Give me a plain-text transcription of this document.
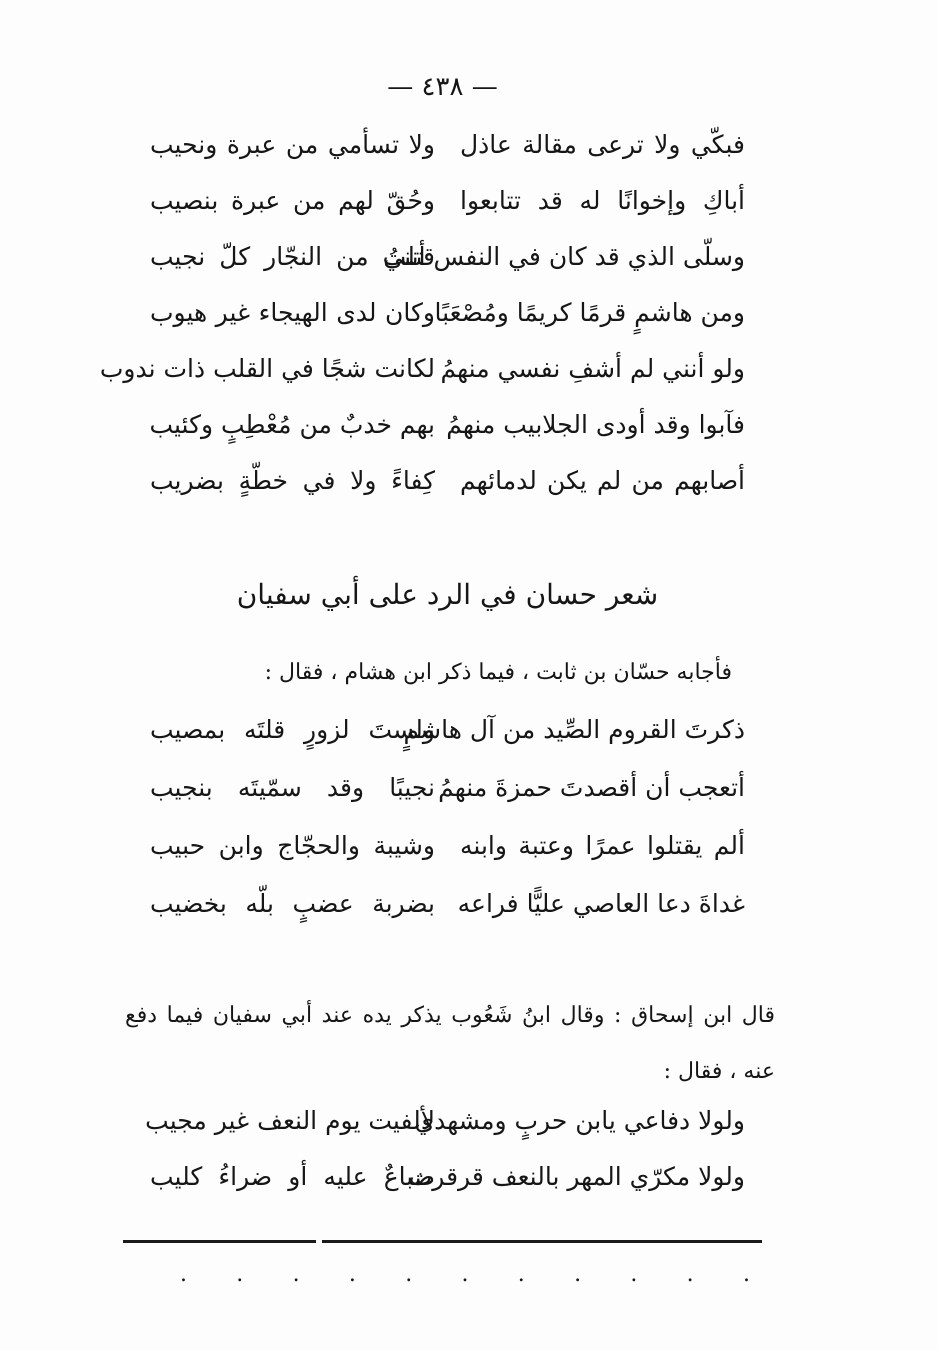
— ٤٣٨ —
فبكّي ولا ترعى مقالة عاذل
ولا تسأمي من عبرة ونحيب
أباكِ وإخوانًا له قد تتابعوا
وحُقّ لهم من عبرة بنصيب
وسلّى الذي قد كان في النفس أنني
قتلتُ من النجّار كلّ نجيب
ومن هاشمٍ قرمًا كريمًا ومُصْعَبًا
وكان لدى الهيجاء غير هيوب
ولو أنني لم أشفِ نفسي منهمُ
لكانت شجًا في القلب ذات ندوب
فآبوا وقد أودى الجلابيب منهمُ
بهم خدبٌ من مُعْطِبٍ وكئيب
أصابهم من لم يكن لدمائهم
كِفاءً ولا في خطّةٍ بضريب
شعر حسان في الرد على أبي سفيان
فأجابه حسّان بن ثابت ، فيما ذكر ابن هشام ، فقال :
ذكرتَ القروم الصِّيد من آل هاشمٍ
ولستَ لزورٍ قلتَه بمصيب
أتعجب أن أقصدتَ حمزةَ منهمُ
نجيبًا وقد سمّيتَه بنجيب
ألم يقتلوا عمرًا وعتبة وابنه
وشيبة والحجّاج وابن حبيب
غداةَ دعا العاصي عليًّا فراعه
بضربة عضبٍ بلّه بخضيب
قال ابن إسحاق : وقال ابنُ شَعُوب يذكر يده عند أبي سفيان فيما دفع عنه ، فقال :
ولولا دفاعي يابن حربٍ ومشهدي
لألفيت يوم النعف غير مجيب
ولولا مكرّي المهر بالنعف قرقرت
ضباعٌ عليه أو ضراءُ كليب
. . . . . . . . . . .
